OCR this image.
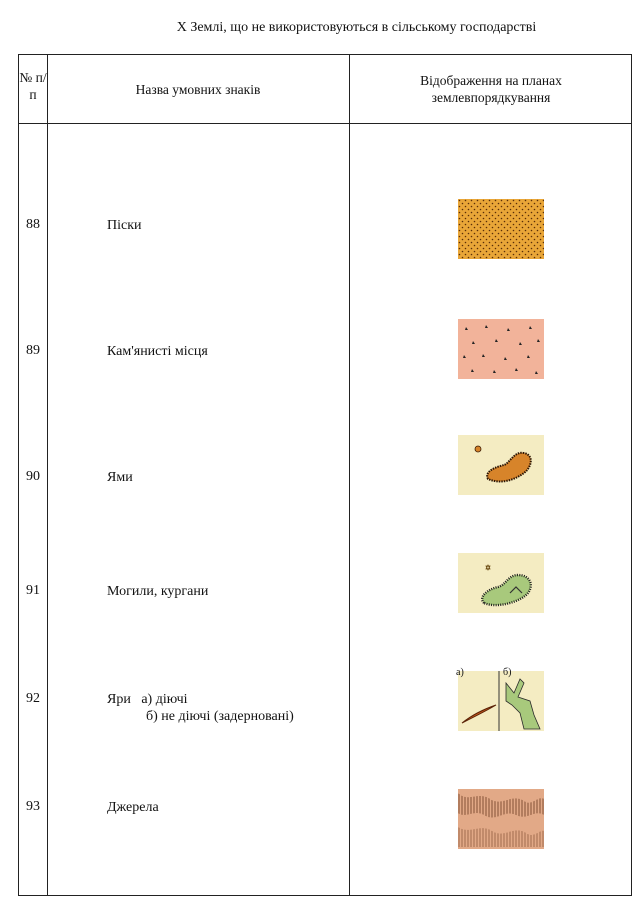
X Землі, що не використовуються в сільському господарстві
№ п/п	Назва умовних знаків
Відображення на планах землевпорядкування
88	Піски
89	Кам'янисті місця
90	Ями
91	Могили, кургани
92	Яри   а) діючі
б) не діючі (задерновані)
а)	б)
93	Джерела
